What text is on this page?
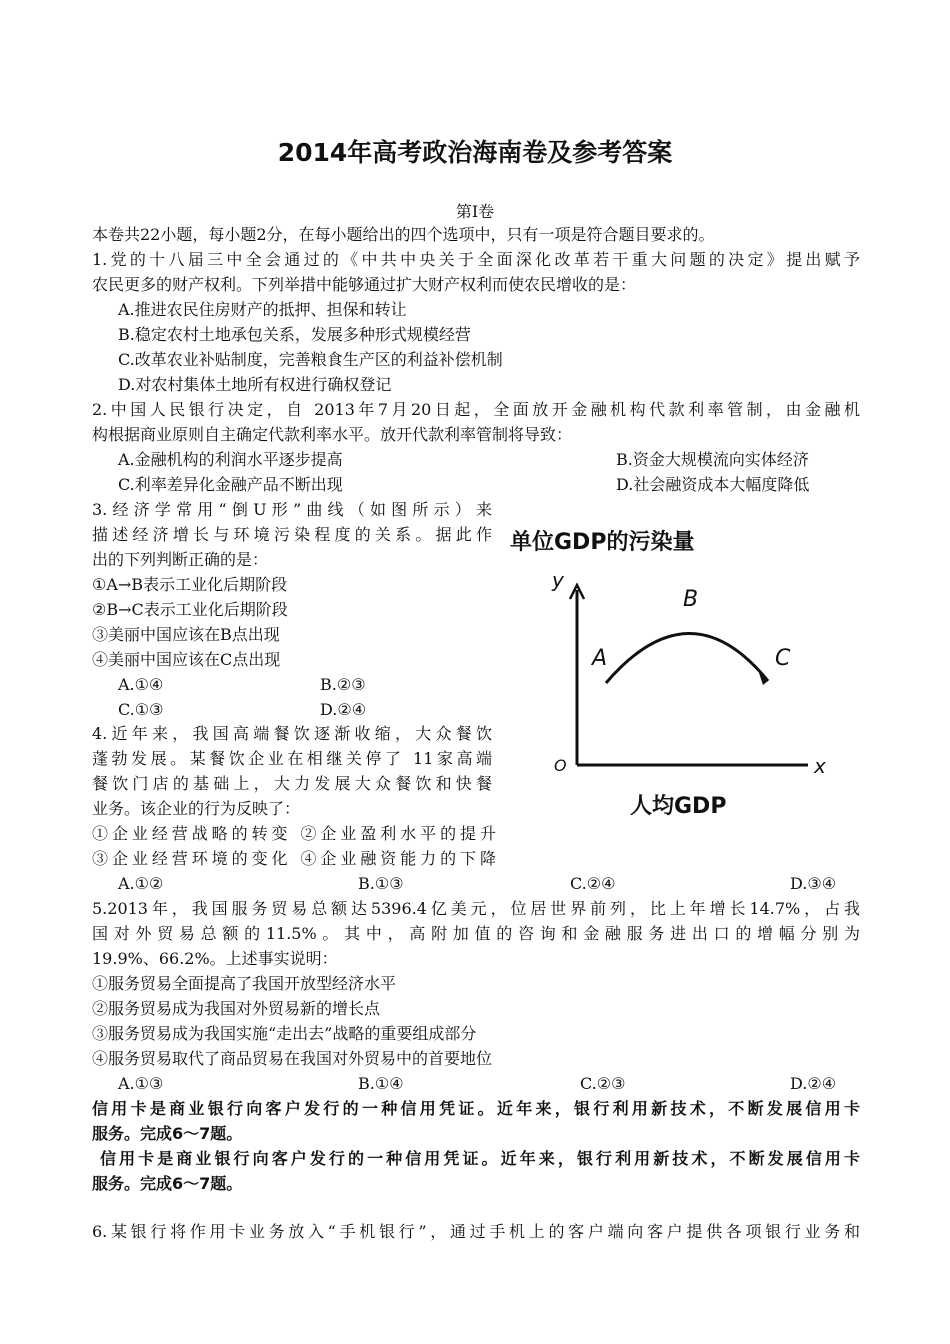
2014年高考政治海南卷及参考答案
第Ⅰ卷
本卷共22小题，每小题2分，在每小题给出的四个选项中，只有一项是符合题目要求的。
1.党的十八届三中全会通过的《中共中央关于全面深化改革若干重大问题的决定》提出赋予
农民更多的财产权利。下列举措中能够通过扩大财产权利而使农民增收的是：
A.推进农民住房财产的抵押、担保和转让
B.稳定农村土地承包关系，发展多种形式规模经营
C.改革农业补贴制度，完善粮食生产区的利益补偿机制
D.对农村集体土地所有权进行确权登记
2.中国人民银行决定，自 2013年7月20日起，全面放开金融机构代款利率管制，由金融机
构根据商业原则自主确定代款利率水平。放开代款利率管制将导致：
A.金融机构的利润水平逐步提高	B.资金大规模流向实体经济
C.利率差异化金融产品不断出现	D.社会融资成本大幅度降低
3.经济学常用“倒U形”曲线（如图所示）来
描述经济增长与环境污染程度的关系。据此作
出的下列判断正确的是：
①A→B表示工业化后期阶段
②B→C表示工业化后期阶段
③美丽中国应该在B点出现
④美丽中国应该在C点出现
A.①④	B.②③
C.①③	D.②④
单位GDP的污染量
y
x
O
A
B
C
人均GDP
4.近年来，我国高端餐饮逐渐收缩，大众餐饮
蓬勃发展。某餐饮企业在相继关停了 11家高端
餐饮门店的基础上，大力发展大众餐饮和快餐
业务。该企业的行为反映了：
①企业经营战略的转变 ②企业盈利水平的提升
③企业经营环境的变化 ④企业融资能力的下降
A.①②	B.①③	C.②④	D.③④
5.2013年，我国服务贸易总额达5396.4亿美元，位居世界前列，比上年增长14.7%，占我
国对外贸易总额的11.5%。其中，高附加值的咨询和金融服务进出口的增幅分别为
19.9%、66.2%。上述事实说明：
①服务贸易全面提高了我国开放型经济水平
②服务贸易成为我国对外贸易新的增长点
③服务贸易成为我国实施“走出去”战略的重要组成部分
④服务贸易取代了商品贸易在我国对外贸易中的首要地位
A.①③	B.①④	C.②③	D.②④
信用卡是商业银行向客户发行的一种信用凭证。近年来，银行利用新技术，不断发展信用卡
服务。完成6～7题。
信用卡是商业银行向客户发行的一种信用凭证。近年来，银行利用新技术，不断发展信用卡
服务。完成6～7题。
6.某银行将作用卡业务放入“手机银行”，通过手机上的客户端向客户提供各项银行业务和
